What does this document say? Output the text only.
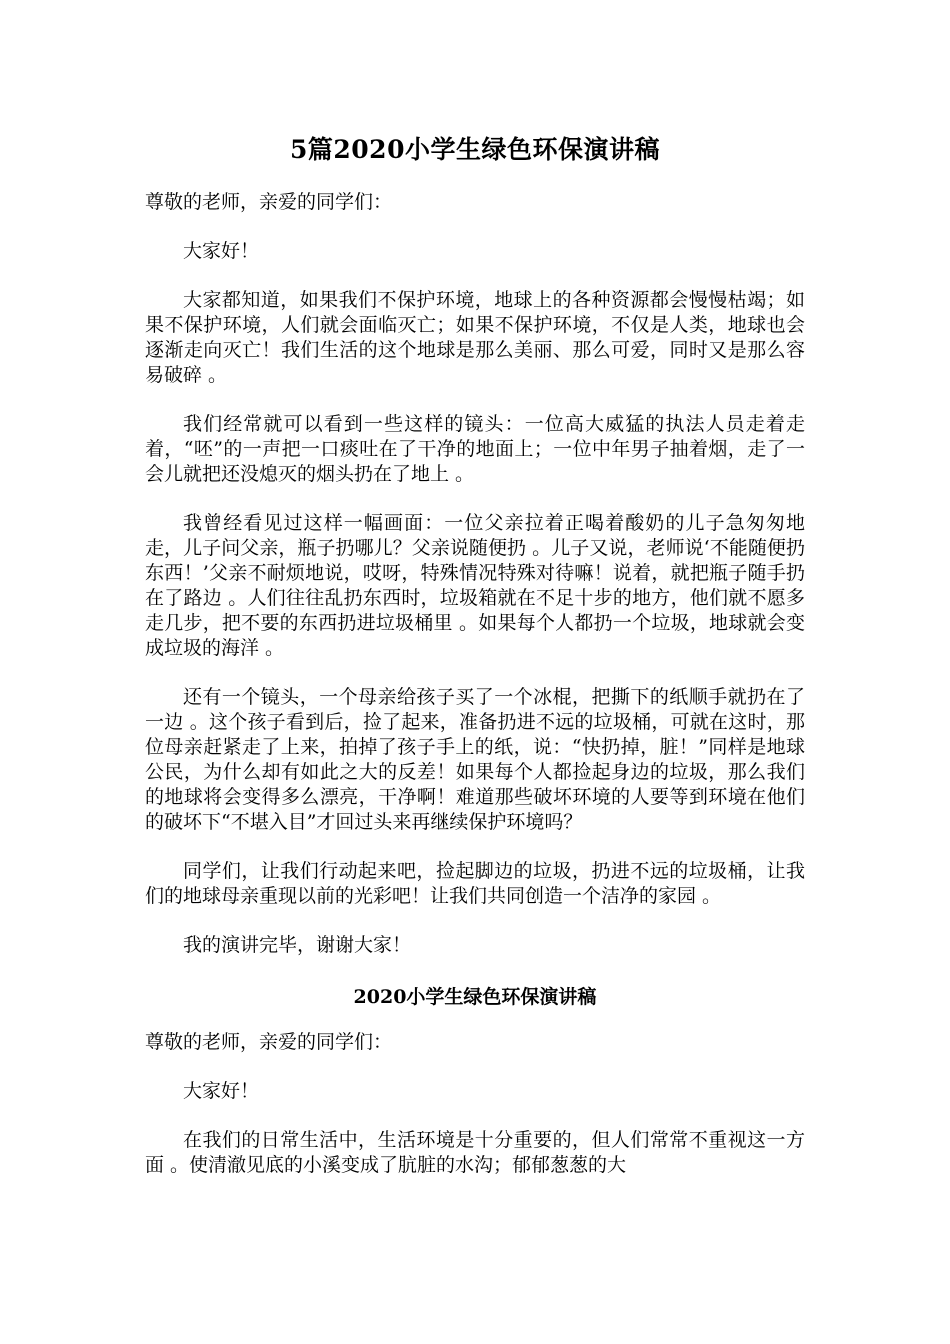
5篇2020小学生绿色环保演讲稿

尊敬的老师，亲爱的同学们：

大家好！

大家都知道，如果我们不保护环境，地球上的各种资源都会慢慢枯竭；如果不保护环境，人们就会面临灭亡；如果不保护环境，不仅是人类，地球也会逐渐走向灭亡！我们生活的这个地球是那么美丽、那么可爱，同时又是那么容易破碎 。

我们经常就可以看到一些这样的镜头：一位高大威猛的执法人员走着走着，“呸”的一声把一口痰吐在了干净的地面上；一位中年男子抽着烟，走了一会儿就把还没熄灭的烟头扔在了地上 。

我曾经看见过这样一幅画面：一位父亲拉着正喝着酸奶的儿子急匆匆地走，儿子问父亲，瓶子扔哪儿？父亲说随便扔 。儿子又说，老师说‘不能随便扔东西！’父亲不耐烦地说，哎呀，特殊情况特殊对待嘛！说着，就把瓶子随手扔在了路边 。人们往往乱扔东西时，垃圾箱就在不足十步的地方，他们就不愿多走几步，把不要的东西扔进垃圾桶里 。如果每个人都扔一个垃圾，地球就会变成垃圾的海洋 。

还有一个镜头，一个母亲给孩子买了一个冰棍，把撕下的纸顺手就扔在了一边 。这个孩子看到后，捡了起来，准备扔进不远的垃圾桶，可就在这时，那位母亲赶紧走了上来，拍掉了孩子手上的纸，说：“快扔掉，脏！”同样是地球公民，为什么却有如此之大的反差！如果每个人都捡起身边的垃圾，那么我们的地球将会变得多么漂亮，干净啊！难道那些破坏环境的人要等到环境在他们的破坏下“不堪入目”才回过头来再继续保护环境吗？

同学们，让我们行动起来吧，捡起脚边的垃圾，扔进不远的垃圾桶，让我们的地球母亲重现以前的光彩吧！让我们共同创造一个洁净的家园 。

我的演讲完毕，谢谢大家！

2020小学生绿色环保演讲稿

尊敬的老师，亲爱的同学们：

大家好！

在我们的日常生活中，生活环境是十分重要的，但人们常常不重视这一方面 。使清澈见底的小溪变成了肮脏的水沟；郁郁葱葱的大
